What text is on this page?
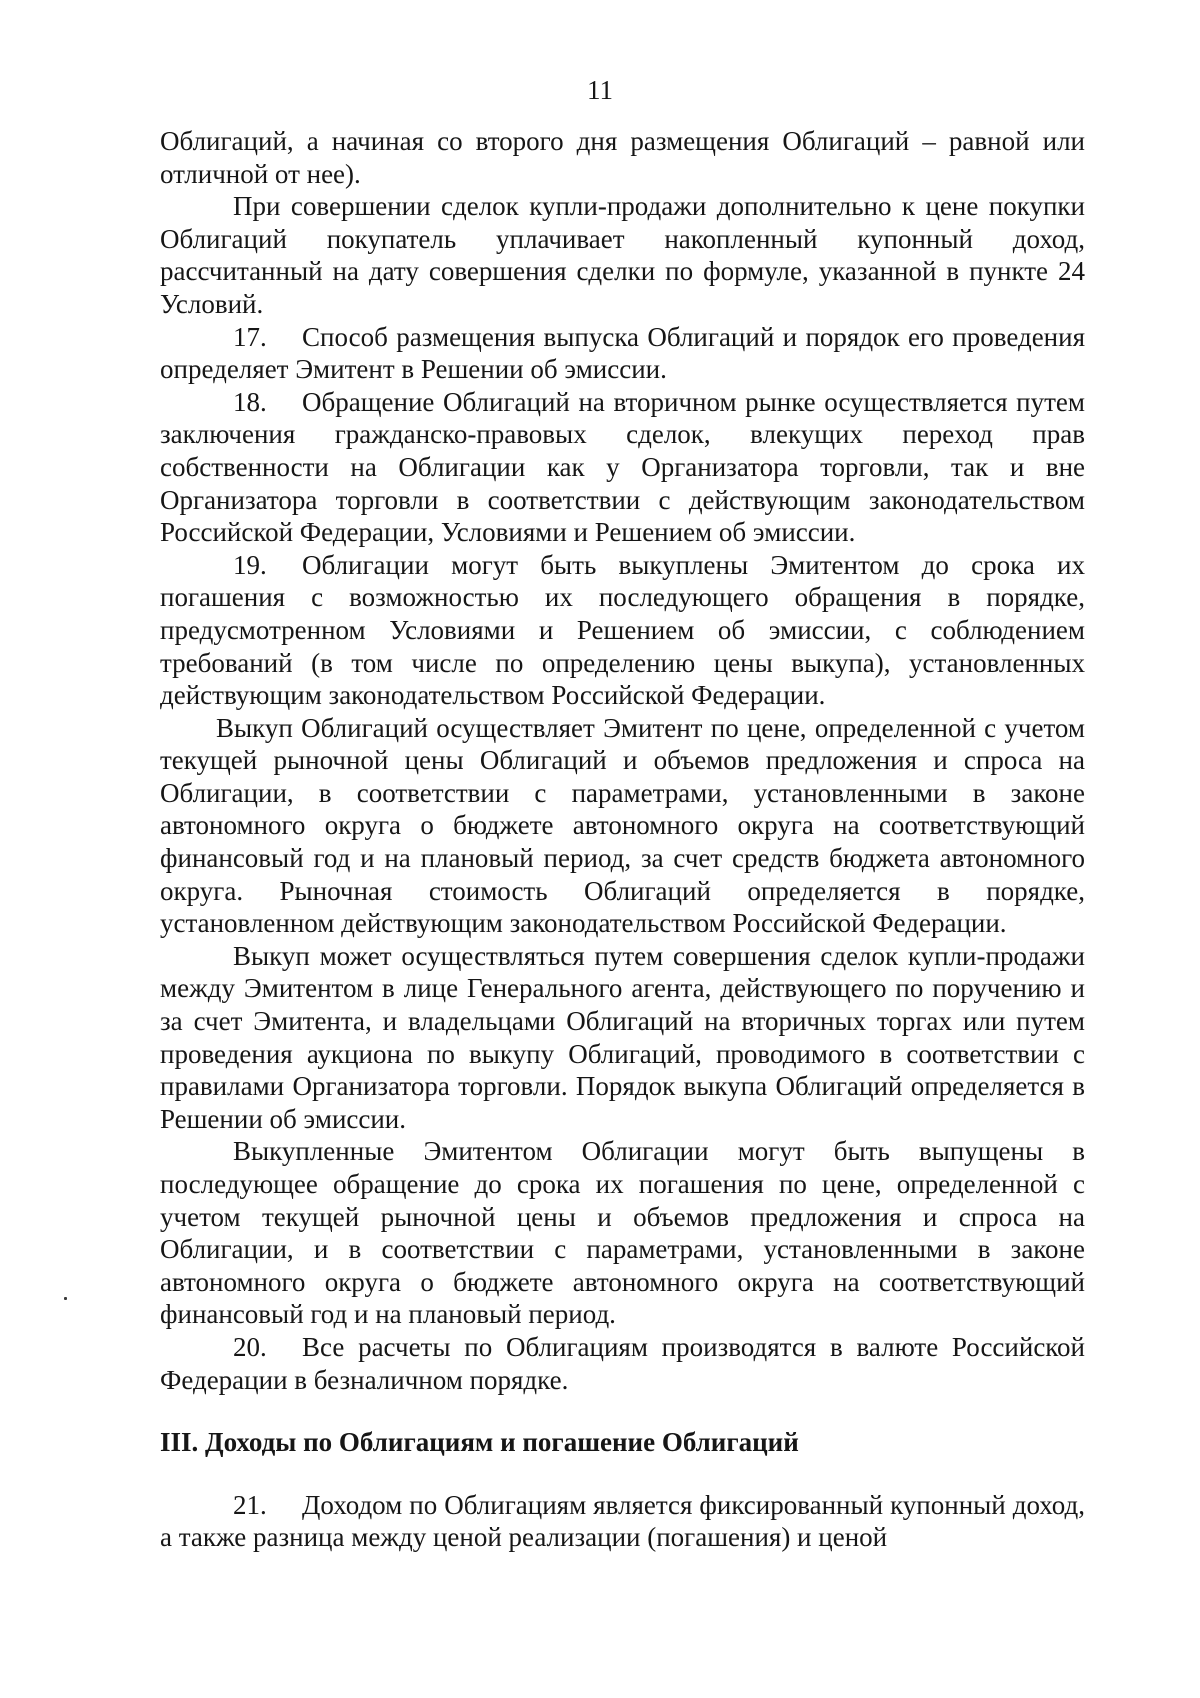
11

Облигаций, а начиная со второго дня размещения Облигаций – равной или отличной от нее).

При совершении сделок купли-продажи дополнительно к цене покупки Облигаций покупатель уплачивает накопленный купонный доход, рассчитанный на дату совершения сделки по формуле, указанной в пункте 24 Условий.

17. Способ размещения выпуска Облигаций и порядок его проведения определяет Эмитент в Решении об эмиссии.

18. Обращение Облигаций на вторичном рынке осуществляется путем заключения гражданско-правовых сделок, влекущих переход прав собственности на Облигации как у Организатора торговли, так и вне Организатора торговли в соответствии с действующим законодательством Российской Федерации, Условиями и Решением об эмиссии.

19. Облигации могут быть выкуплены Эмитентом до срока их погашения с возможностью их последующего обращения в порядке, предусмотренном Условиями и Решением об эмиссии, с соблюдением требований (в том числе по определению цены выкупа), установленных действующим законодательством Российской Федерации.

Выкуп Облигаций осуществляет Эмитент по цене, определенной с учетом текущей рыночной цены Облигаций и объемов предложения и спроса на Облигации, в соответствии с параметрами, установленными в законе автономного округа о бюджете автономного округа на соответствующий финансовый год и на плановый период, за счет средств бюджета автономного округа. Рыночная стоимость Облигаций определяется в порядке, установленном действующим законодательством Российской Федерации.

Выкуп может осуществляться путем совершения сделок купли-продажи между Эмитентом в лице Генерального агента, действующего по поручению и за счет Эмитента, и владельцами Облигаций на вторичных торгах или путем проведения аукциона по выкупу Облигаций, проводимого в соответствии с правилами Организатора торговли. Порядок выкупа Облигаций определяется в Решении об эмиссии.

Выкупленные Эмитентом Облигации могут быть выпущены в последующее обращение до срока их погашения по цене, определенной с учетом текущей рыночной цены и объемов предложения и спроса на Облигации, и в соответствии с параметрами, установленными в законе автономного округа о бюджете автономного округа на соответствующий финансовый год и на плановый период.

20. Все расчеты по Облигациям производятся в валюте Российской Федерации в безналичном порядке.

III. Доходы по Облигациям и погашение Облигаций

21. Доходом по Облигациям является фиксированный купонный доход, а также разница между ценой реализации (погашения) и ценой
